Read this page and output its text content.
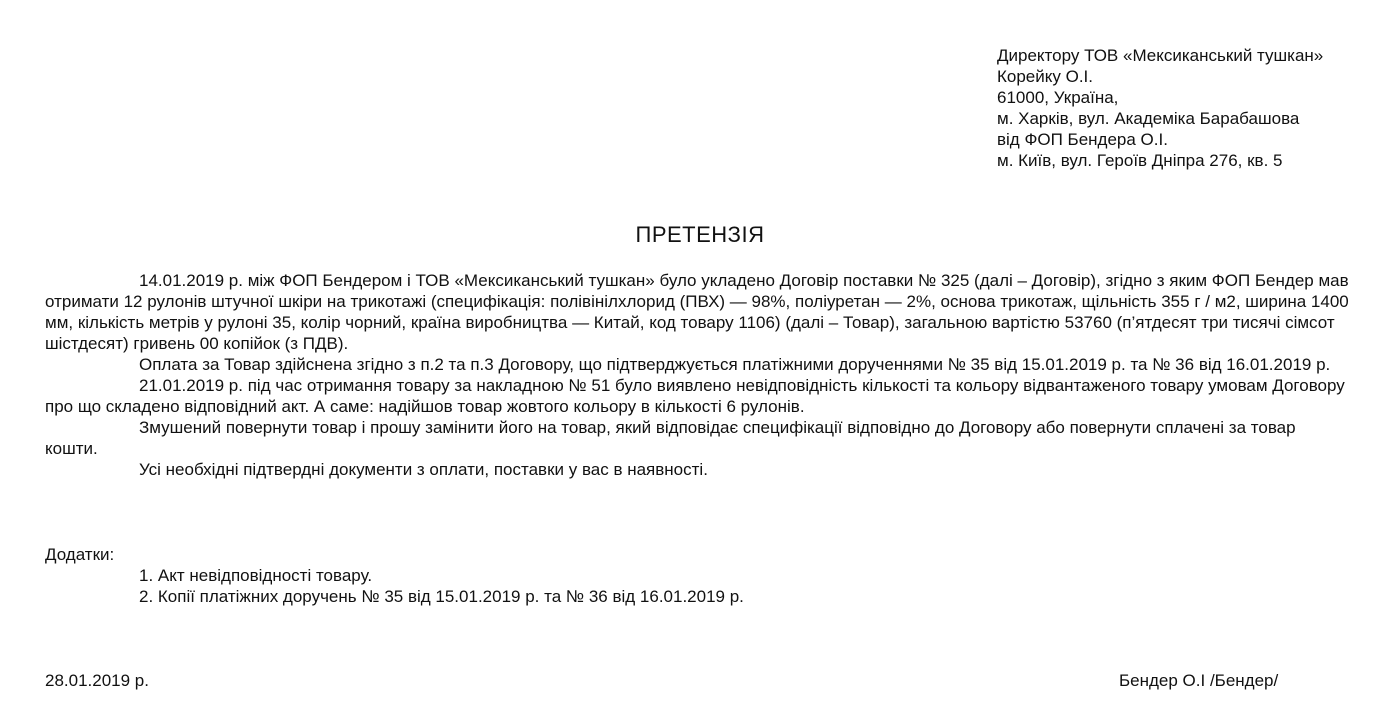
Директору ТОВ «Мексиканський тушкан»
Корейку О.І.
61000, Україна,
м. Харків, вул. Академіка Барабашова
від ФОП Бендера О.І.
м. Київ, вул. Героїв Дніпра 276, кв. 5
ПРЕТЕНЗІЯ

14.01.2019 р. між ФОП Бендером і ТОВ «Мексиканський тушкан» було укладено Договір поставки № 325 (далі – Договір), згідно з яким ФОП Бендер мав отримати 12 рулонів штучної шкіри на трикотажі (специфікація: полівінілхлорид (ПВХ) — 98%, поліуретан — 2%, основа трикотаж, щільність 355 г / м2, ширина 1400 мм, кількість метрів у рулоні 35, колір чорний, країна виробництва — Китай, код товару 1106) (далі – Товар), загальною вартістю 53760 (п’ятдесят три тисячі сімсот шістдесят) гривень 00 копійок (з ПДВ).

Оплата за Товар здійснена згідно з п.2 та п.3 Договору, що підтверджується платіжними дорученнями № 35 від 15.01.2019 р. та № 36 від 16.01.2019 р.

21.01.2019 р. під час отримання товару за накладною № 51 було виявлено невідповідність кількості та кольору відвантаженого товару умовам Договору про що складено відповідний акт. А саме: надійшов товар жовтого кольору в кількості 6 рулонів.

Змушений повернути товар і прошу замінити його на товар, який відповідає специфікації відповідно до Договору або повернути сплачені за товар кошти.

Усі необхідні підтвердні документи з оплати, поставки у вас в наявності.

Додатки:
1. Акт невідповідності товару.
2. Копії платіжних доручень № 35 від 15.01.2019 р. та № 36 від 16.01.2019 р.
28.01.2019 р.	Бендер О.І /Бендер/
